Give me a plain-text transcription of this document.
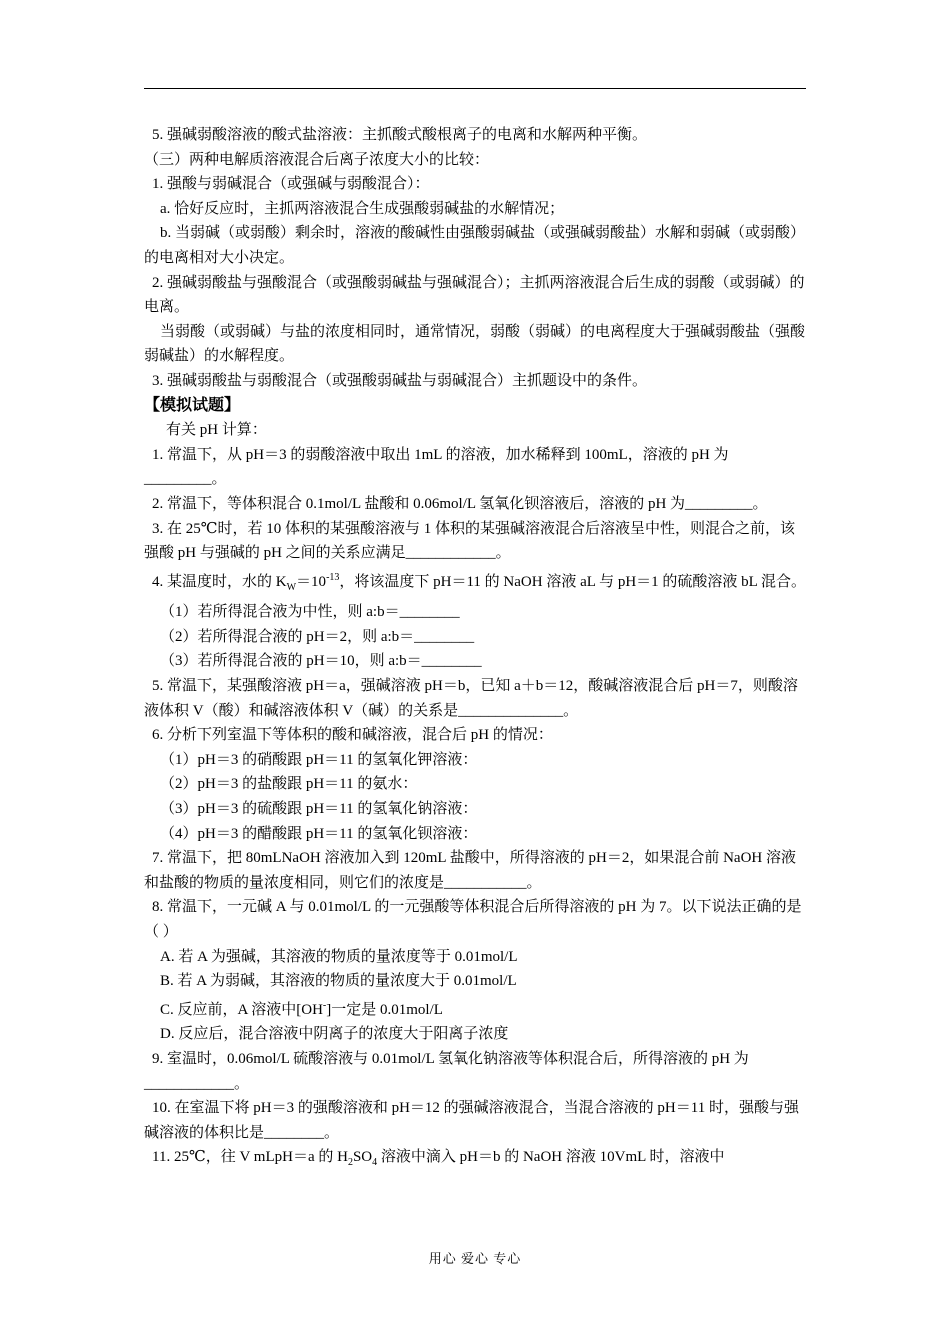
5. 强碱弱酸溶液的酸式盐溶液：主抓酸式酸根离子的电离和水解两种平衡。

（三）两种电解质溶液混合后离子浓度大小的比较：

1. 强酸与弱碱混合（或强碱与弱酸混合）：

a. 恰好反应时，主抓两溶液混合生成强酸弱碱盐的水解情况；

b. 当弱碱（或弱酸）剩余时，溶液的酸碱性由强酸弱碱盐（或强碱弱酸盐）水解和弱碱（或弱酸）的电离相对大小决定。

2. 强碱弱酸盐与强酸混合（或强酸弱碱盐与强碱混合）；主抓两溶液混合后生成的弱酸（或弱碱）的电离。

当弱酸（或弱碱）与盐的浓度相同时，通常情况，弱酸（弱碱）的电离程度大于强碱弱酸盐（强酸弱碱盐）的水解程度。

3. 强碱弱酸盐与弱酸混合（或强酸弱碱盐与弱碱混合）主抓题设中的条件。

【模拟试题】

有关 pH 计算：

1. 常温下，从 pH＝3 的弱酸溶液中取出 1mL 的溶液，加水稀释到 100mL，溶液的 pH 为_________。

2. 常温下，等体积混合 0.1mol/L 盐酸和 0.06mol/L 氢氧化钡溶液后，溶液的 pH 为_________。

3. 在 25℃时，若 10 体积的某强酸溶液与 1 体积的某强碱溶液混合后溶液呈中性，则混合之前，该强酸 pH 与强碱的 pH 之间的关系应满足____________。

4. 某温度时，水的 $K_W=10^{-13}$，将该温度下 pH＝11 的 NaOH 溶液 aL 与 pH＝1 的硫酸溶液 bL 混合。

（1）若所得混合液为中性，则 a:b＝________

（2）若所得混合液的 pH＝2，则 a:b＝________

（3）若所得混合液的 pH＝10，则 a:b＝________

5. 常温下，某强酸溶液 pH＝a，强碱溶液 pH＝b，已知 a＋b＝12，酸碱溶液混合后 pH＝7，则酸溶液体积 V（酸）和碱溶液体积 V（碱）的关系是______________。

6. 分析下列室温下等体积的酸和碱溶液，混合后 pH 的情况：

（1）pH＝3 的硝酸跟 pH＝11 的氢氧化钾溶液：

（2）pH＝3 的盐酸跟 pH＝11 的氨水：

（3）pH＝3 的硫酸跟 pH＝11 的氢氧化钠溶液：

（4）pH＝3 的醋酸跟 pH＝11 的氢氧化钡溶液：

7. 常温下，把 80mLNaOH 溶液加入到 120mL 盐酸中，所得溶液的 pH＝2，如果混合前 NaOH 溶液和盐酸的物质的量浓度相同，则它们的浓度是___________。

8. 常温下，一元碱 A 与 0.01mol/L 的一元强酸等体积混合后所得溶液的 pH 为 7。以下说法正确的是（ ）

A. 若 A 为强碱，其溶液的物质的量浓度等于 0.01mol/L

B. 若 A 为弱碱，其溶液的物质的量浓度大于 0.01mol/L

C. 反应前，A 溶液中[OH-]一定是 0.01mol/L

D. 反应后，混合溶液中阴离子的浓度大于阳离子浓度

9. 室温时，0.06mol/L 硫酸溶液与 0.01mol/L 氢氧化钠溶液等体积混合后，所得溶液的 pH 为____________。

10. 在室温下将 pH＝3 的强酸溶液和 pH＝12 的强碱溶液混合，当混合溶液的 pH＝11 时，强酸与强碱溶液的体积比是________。

11. 25℃，往 V mLpH＝a 的 $H_2SO_4$ 溶液中滴入 pH＝b 的 NaOH 溶液 10VmL 时，溶液中

用心 爱心 专心
